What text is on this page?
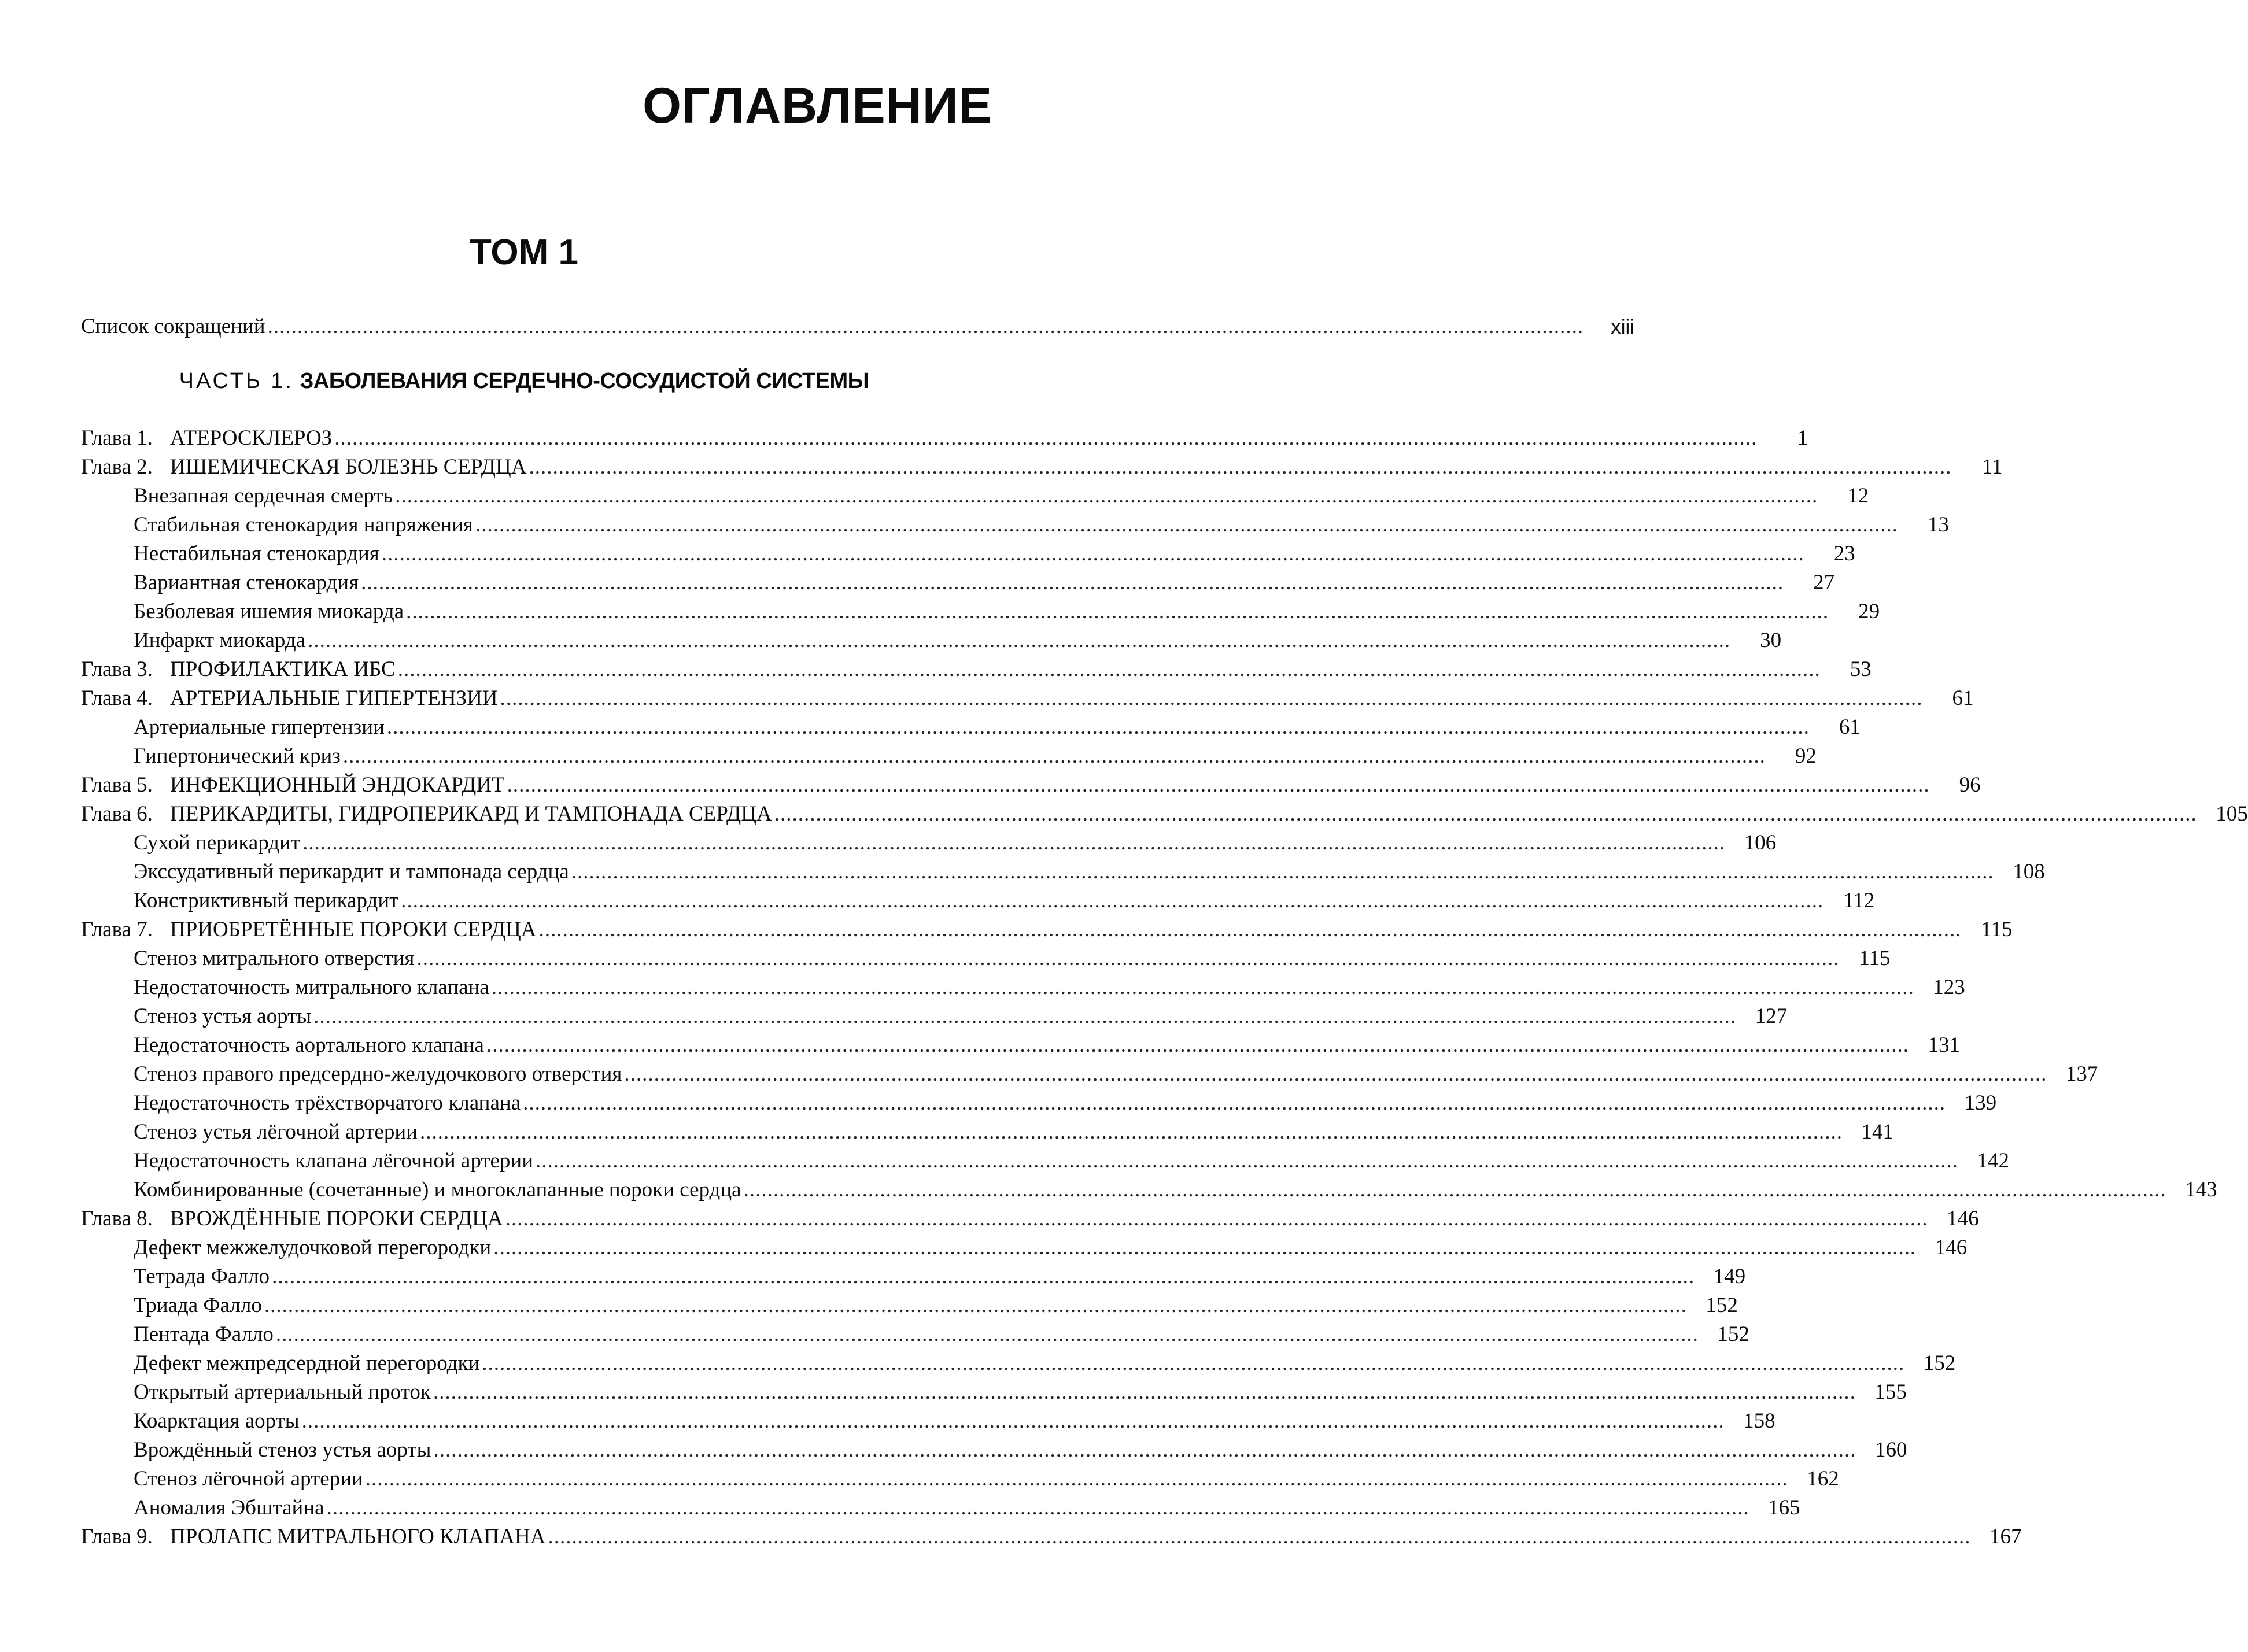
ОГЛАВЛЕНИЕ
ТОМ 1
Список сокращений ..............................................................................................................................................................................................................................	xiii
ЧАСТЬ 1. ЗАБОЛЕВАНИЯ СЕРДЕЧНО-СОСУДИСТОЙ СИСТЕМЫ
Глава 1. АТЕРОСКЛЕРОЗ ................................................................................................................................................................................................................................................	1
Глава 2. ИШЕМИЧЕСКАЯ БОЛЕЗНЬ СЕРДЦА ................................................................................................................................................................................................................................................	11
Внезапная сердечная смерть ................................................................................................................................................................................................................................................	12
Стабильная стенокардия напряжения ................................................................................................................................................................................................................................................	13
Нестабильная стенокардия ................................................................................................................................................................................................................................................	23
Вариантная стенокардия ................................................................................................................................................................................................................................................	27
Безболевая ишемия миокарда ................................................................................................................................................................................................................................................	29
Инфаркт миокарда ................................................................................................................................................................................................................................................	30
Глава 3. ПРОФИЛАКТИКА ИБС ................................................................................................................................................................................................................................................	53
Глава 4. АРТЕРИАЛЬНЫЕ ГИПЕРТЕНЗИИ ................................................................................................................................................................................................................................................	61
Артериальные гипертензии ................................................................................................................................................................................................................................................	61
Гипертонический криз ................................................................................................................................................................................................................................................	92
Глава 5. ИНФЕКЦИОННЫЙ ЭНДОКАРДИТ ................................................................................................................................................................................................................................................	96
Глава 6. ПЕРИКАРДИТЫ, ГИДРОПЕРИКАРД И ТАМПОНАДА СЕРДЦА ................................................................................................................................................................................................................................................ 105
Сухой перикардит ................................................................................................................................................................................................................................................ 106
Экссудативный перикардит и тампонада сердца ................................................................................................................................................................................................................................................ 108
Констриктивный перикардит ................................................................................................................................................................................................................................................ 112
Глава 7. ПРИОБРЕТЁННЫЕ ПОРОКИ СЕРДЦА ................................................................................................................................................................................................................................................ 115
Стеноз митрального отверстия ................................................................................................................................................................................................................................................ 115
Недостаточность митрального клапана ................................................................................................................................................................................................................................................ 123
Стеноз устья аорты ................................................................................................................................................................................................................................................ 127
Недостаточность аортального клапана ................................................................................................................................................................................................................................................ 131
Стеноз правого предсердно-желудочкового отверстия ................................................................................................................................................................................................................................................ 137
Недостаточность трёхстворчатого клапана ................................................................................................................................................................................................................................................ 139
Стеноз устья лёгочной артерии ................................................................................................................................................................................................................................................ 141
Недостаточность клапана лёгочной артерии ................................................................................................................................................................................................................................................ 142
Комбинированные (сочетанные) и многоклапанные пороки сердца ................................................................................................................................................................................................................................................ 143
Глава 8. ВРОЖДЁННЫЕ ПОРОКИ СЕРДЦА ................................................................................................................................................................................................................................................ 146
Дефект межжелудочковой перегородки ................................................................................................................................................................................................................................................ 146
Тетрада Фалло ................................................................................................................................................................................................................................................ 149
Триада Фалло ................................................................................................................................................................................................................................................ 152
Пентада Фалло ................................................................................................................................................................................................................................................ 152
Дефект межпредсердной перегородки ................................................................................................................................................................................................................................................ 152
Открытый артериальный проток ................................................................................................................................................................................................................................................ 155
Коарктация аорты ................................................................................................................................................................................................................................................ 158
Врождённый стеноз устья аорты ................................................................................................................................................................................................................................................ 160
Стеноз лёгочной артерии ................................................................................................................................................................................................................................................ 162
Аномалия Эбштайна ................................................................................................................................................................................................................................................ 165
Глава 9. ПРОЛАПС МИТРАЛЬНОГО КЛАПАНА ................................................................................................................................................................................................................................................ 167
